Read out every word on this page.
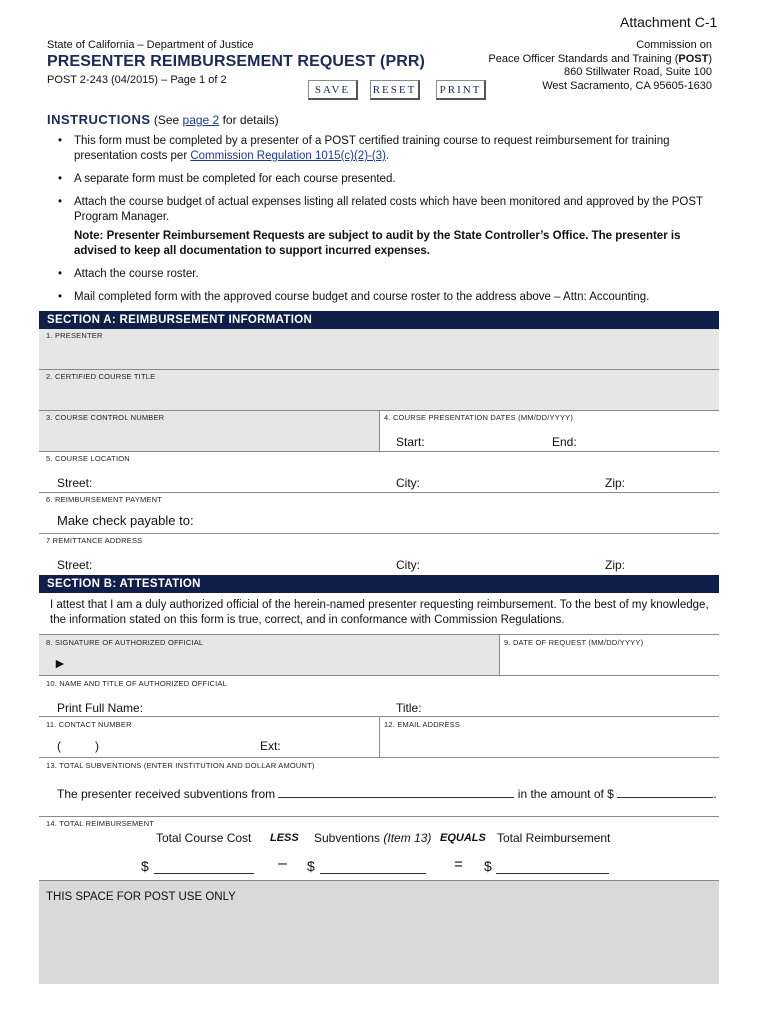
Attachment C-1
State of California – Department of Justice
PRESENTER REIMBURSEMENT REQUEST (PRR)
POST 2-243 (04/2015) – Page 1 of 2
SAVE	RESET	PRINT
Commission on
Peace Officer Standards and Training (POST)
860 Stillwater Road, Suite 100
West Sacramento, CA 95605-1630
INSTRUCTIONS (See page 2 for details)
• This form must be completed by a presenter of a POST certified training course to request reimbursement for training presentation costs per Commission Regulation 1015(c)(2)-(3).
• A separate form must be completed for each course presented.
• Attach the course budget of actual expenses listing all related costs which have been monitored and approved by the POST Program Manager.
Note: Presenter Reimbursement Requests are subject to audit by the State Controller’s Office. The presenter is advised to keep all documentation to support incurred expenses.
• Attach the course roster.
• Mail completed form with the approved course budget and course roster to the address above – Attn: Accounting.
SECTION A: REIMBURSEMENT INFORMATION
1. PRESENTER
2. CERTIFIED COURSE TITLE
3. COURSE CONTROL NUMBER	4. COURSE PRESENTATION DATES (MM/DD/YYYY)
Start:	End:
5. COURSE LOCATION
Street:	City:	Zip:
6. REIMBURSEMENT PAYMENT
Make check payable to:
7 REMITTANCE ADDRESS
Street:	City:	Zip:
SECTION B: ATTESTATION
I attest that I am a duly authorized official of the herein-named presenter requesting reimbursement. To the best of my knowledge, the information stated on this form is true, correct, and in conformance with Commission Regulations.
8. SIGNATURE OF AUTHORIZED OFFICIAL
►
9. DATE OF REQUEST (MM/DD/YYYY)
10. NAME AND TITLE OF AUTHORIZED OFFICIAL
Print Full Name:	Title:
11. CONTACT NUMBER
(	)	Ext:
12. EMAIL ADDRESS
13. TOTAL SUBVENTIONS (ENTER INSTITUTION AND DOLLAR AMOUNT)
The presenter received subventions from	in the amount of $	.
14. TOTAL REIMBURSEMENT
Total Course Cost LESS Subventions (Item 13) EQUALS Total Reimbursement
$	– $	= $
THIS SPACE FOR POST USE ONLY
